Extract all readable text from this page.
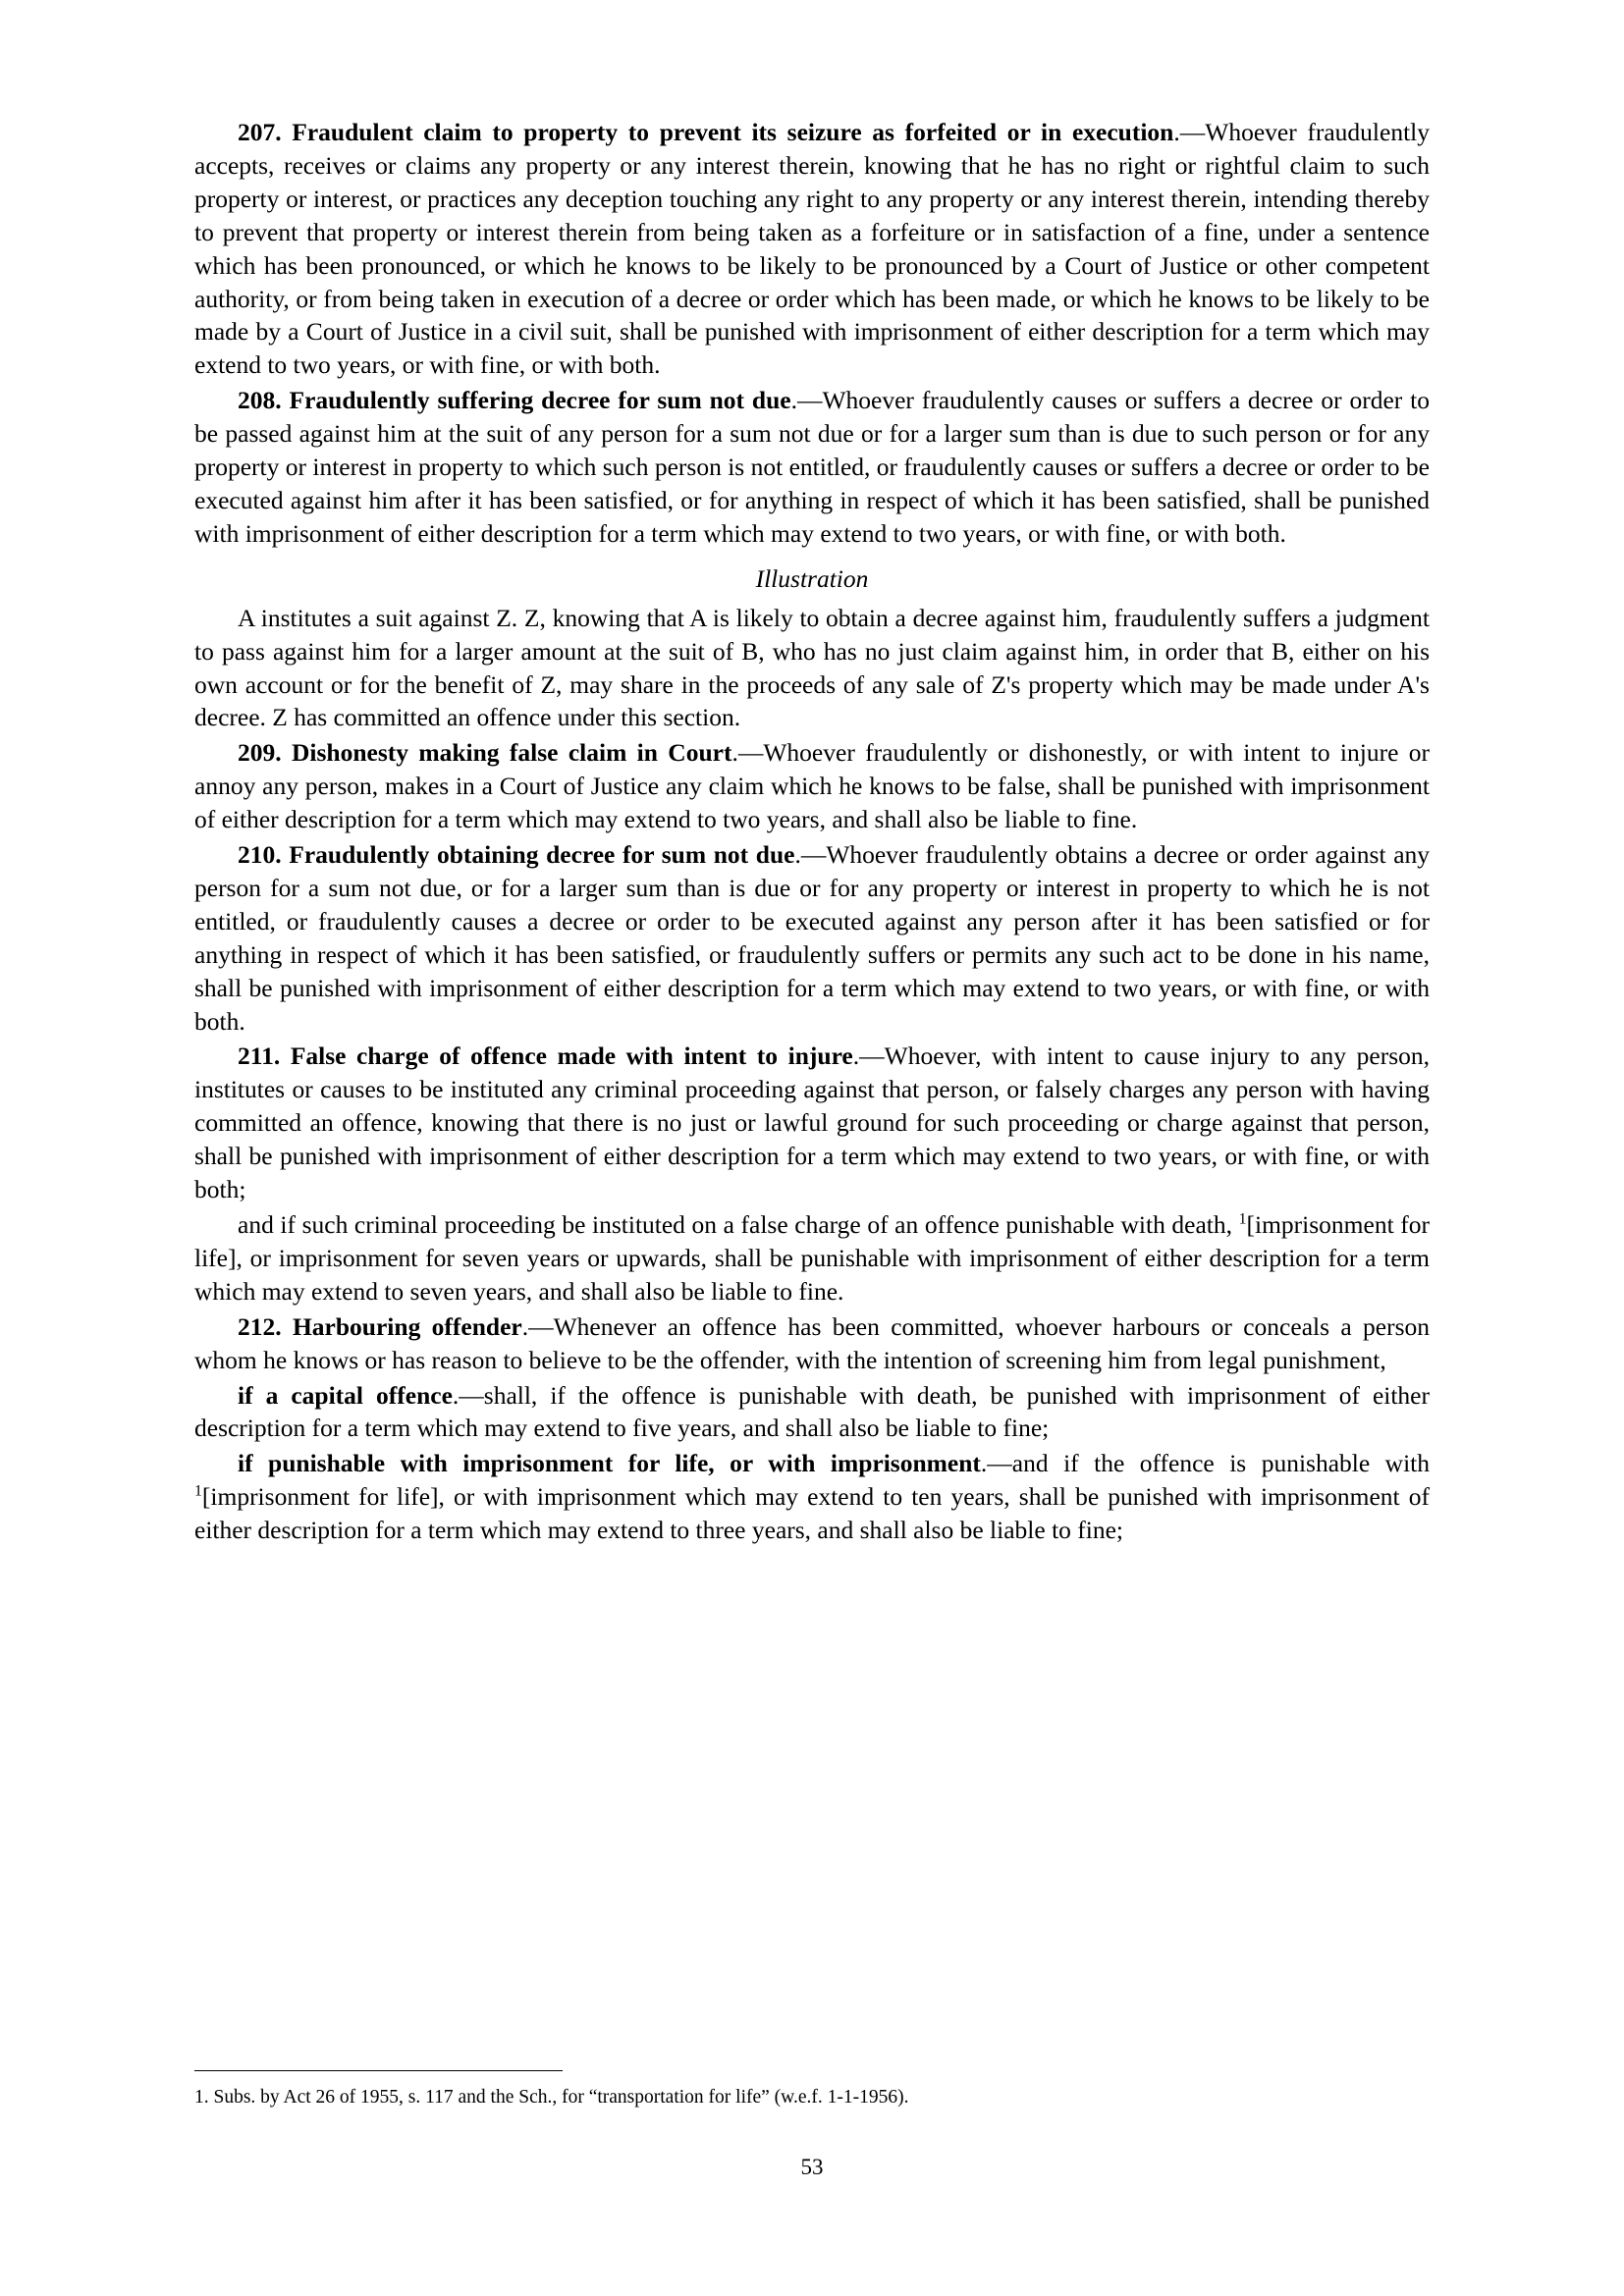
207. Fraudulent claim to property to prevent its seizure as forfeited or in execution.—Whoever fraudulently accepts, receives or claims any property or any interest therein, knowing that he has no right or rightful claim to such property or interest, or practices any deception touching any right to any property or any interest therein, intending thereby to prevent that property or interest therein from being taken as a forfeiture or in satisfaction of a fine, under a sentence which has been pronounced, or which he knows to be likely to be pronounced by a Court of Justice or other competent authority, or from being taken in execution of a decree or order which has been made, or which he knows to be likely to be made by a Court of Justice in a civil suit, shall be punished with imprisonment of either description for a term which may extend to two years, or with fine, or with both.

208. Fraudulently suffering decree for sum not due.—Whoever fraudulently causes or suffers a decree or order to be passed against him at the suit of any person for a sum not due or for a larger sum than is due to such person or for any property or interest in property to which such person is not entitled, or fraudulently causes or suffers a decree or order to be executed against him after it has been satisfied, or for anything in respect of which it has been satisfied, shall be punished with imprisonment of either description for a term which may extend to two years, or with fine, or with both.

Illustration

A institutes a suit against Z. Z, knowing that A is likely to obtain a decree against him, fraudulently suffers a judgment to pass against him for a larger amount at the suit of B, who has no just claim against him, in order that B, either on his own account or for the benefit of Z, may share in the proceeds of any sale of Z's property which may be made under A's decree. Z has committed an offence under this section.

209. Dishonesty making false claim in Court.—Whoever fraudulently or dishonestly, or with intent to injure or annoy any person, makes in a Court of Justice any claim which he knows to be false, shall be punished with imprisonment of either description for a term which may extend to two years, and shall also be liable to fine.

210. Fraudulently obtaining decree for sum not due.—Whoever fraudulently obtains a decree or order against any person for a sum not due, or for a larger sum than is due or for any property or interest in property to which he is not entitled, or fraudulently causes a decree or order to be executed against any person after it has been satisfied or for anything in respect of which it has been satisfied, or fraudulently suffers or permits any such act to be done in his name, shall be punished with imprisonment of either description for a term which may extend to two years, or with fine, or with both.

211. False charge of offence made with intent to injure.—Whoever, with intent to cause injury to any person, institutes or causes to be instituted any criminal proceeding against that person, or falsely charges any person with having committed an offence, knowing that there is no just or lawful ground for such proceeding or charge against that person, shall be punished with imprisonment of either description for a term which may extend to two years, or with fine, or with both;

and if such criminal proceeding be instituted on a false charge of an offence punishable with death, $^1$[imprisonment for life], or imprisonment for seven years or upwards, shall be punishable with imprisonment of either description for a term which may extend to seven years, and shall also be liable to fine.

212. Harbouring offender.—Whenever an offence has been committed, whoever harbours or conceals a person whom he knows or has reason to believe to be the offender, with the intention of screening him from legal punishment,

if a capital offence.—shall, if the offence is punishable with death, be punished with imprisonment of either description for a term which may extend to five years, and shall also be liable to fine;

if punishable with imprisonment for life, or with imprisonment.—and if the offence is punishable with $^1$[imprisonment for life], or with imprisonment which may extend to ten years, shall be punished with imprisonment of either description for a term which may extend to three years, and shall also be liable to fine;

1. Subs. by Act 26 of 1955, s. 117 and the Sch., for “transportation for life” (w.e.f. 1-1-1956).

53
